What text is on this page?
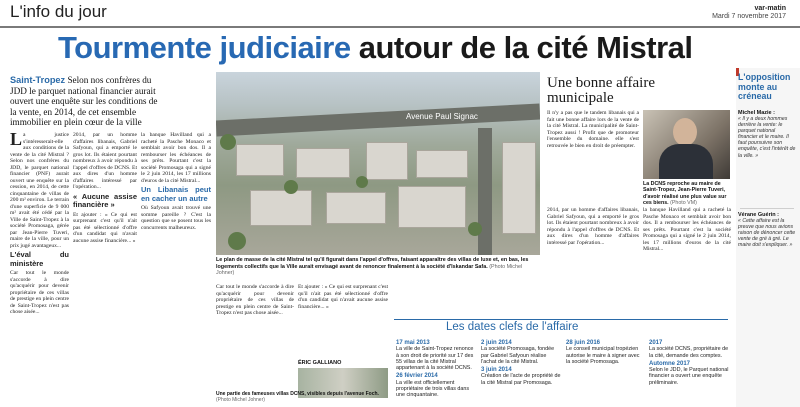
L'info du jour	var-matin
Mardi 7 novembre 2017
Tourmente judiciaire autour de la cité Mistral
Saint-Tropez Selon nos confrères du JDD le parquet national financier aurait ouvert une enquête sur les conditions de la vente, en 2014, de cet ensemble immobilier en plein cœur de la ville

La justice s'intéresserait-elle aux conditions de la vente de la cité Mistral ? Selon nos confrères du JDD, le parquet national financier (PNF) aurait ouvert une enquête sur la cession, en 2014, de cette cinquantaine de villas de 200 m² environ. Le terrain d'une superficie de 9 000 m² avait été cédé par la Ville de Saint-Tropez à la société Promosaga, gérée par Jean-Pierre Tuveri, maire de la ville, pour un prix jugé avantageux...

L'éval du ministère

Car tout le monde s'accorde à dire qu'acquérir pour devenir propriétaire de ces villas de prestige en plein centre de Saint-Tropez n'est pas chose aisée...

2014, par un homme d'affaires libanais, Gabriel Safyoun, qui a emporté le gros lot. Ils étaient pourtant nombreux à avoir répondu à l'appel d'offres de DCNS. Et aux dires d'un homme d'affaires intéressé par l'opération...

« Aucune assise financière »

Et ajouter : « Ce qui est surprenant c'est qu'il n'ait pas été sélectionné d'offre d'un candidat qui n'avait aucune assise financière... »

la banque Havilland qui a racheté la Pasche Monaco et semblait avoir bon dos. Il a rembourser les échéances de ses prêts. Pourtant c'est la société Promosaga qui a signé le 2 juin 2014, les 17 millions d'euros de la cité Mistral...

Un Libanais peut en cacher un autre

Où Safyoun avait trouvé une somme pareille ? C'est la question que se posent tous les concurrents malheureux.

Avenue Paul Signac
Le plan de masse de la cité Mistral tel qu'il figurait dans l'appel d'offres, faisant apparaître des villas de luxe et, en bas, les logements collectifs que la Ville aurait envisagé avant de renoncer finalement à la société d'Iskandar Safa. (Photo Michel Johner)

Car tout le monde s'accorde à dire qu'acquérir pour devenir propriétaire de ces villas de prestige en plein centre de Saint-Tropez n'est pas chose aisée...

Et ajouter : « Ce qui est surprenant c'est qu'il n'ait pas été sélectionné d'offre d'un candidat qui n'avait aucune assise financière... »

Une partie des fameuses villas DCNS, visibles depuis l'avenue Foch. (Photo Michel Johner)
ÉRIC GALLIANO
Une bonne affaire
municipale

Il n'y a pas que le tandem libanais qui a fait une bonne affaire lors de la vente de la cité Mistral. La municipalité de Saint-Tropez aussi ! Profit que de promoteur l'ensemble du domaine. elle s'est retrouvée le bien en droit de préempter.

La DCNS reproche au maire de Saint-Tropez, Jean-Pierre Tuveri, d'avoir réalisé une plus value sur ces biens. (Photo VM)

2014, par un homme d'affaires libanais, Gabriel Safyoun, qui a emporté le gros lot. Ils étaient pourtant nombreux à avoir répondu à l'appel d'offres de DCNS. Et aux dires d'un homme d'affaires intéressé par l'opération...

la banque Havilland qui a racheté la Pasche Monaco et semblait avoir bon dos. Il a rembourser les échéances de ses prêts. Pourtant c'est la société Promosaga qui a signé le 2 juin 2014, les 17 millions d'euros de la cité Mistral...

Les dates clefs de l'affaire
17 mai 2013
La ville de Saint-Tropez renonce à son droit de priorité sur 17 des 55 villas de la cité Mistral appartenant à la société DCNS.
26 février 2014
La ville est officiellement propriétaire de trois villas dans une cinquantaine.
2 juin 2014
La société Promosaga, fondée par Gabriel Safyoun réalise l'achat de la cité Mistral.
3 juin 2014
Création de l'acte de propriété de la cité Mistral par Promosaga.
28 juin 2016
Le conseil municipal tropézien autorise le maire à signer avec la société Promosaga.
2017
La société DCNS, propriétaire de la cité, demande des comptes.
Automne 2017
Selon le JDD, le Parquet national financier a ouvert une enquête préliminaire.
L'opposition monte au créneau
Michel Mazie :
« Il y a deux hommes derrière la vente: le parquet national financier et le maire. Il faut poursuivre son enquête, c'est l'intérêt de la ville. »
Vérane Guérin :
« Cette affaire est la preuve que nous avions raison de dénoncer cette vente de gré à gré. Le maire doit s'expliquer. »
